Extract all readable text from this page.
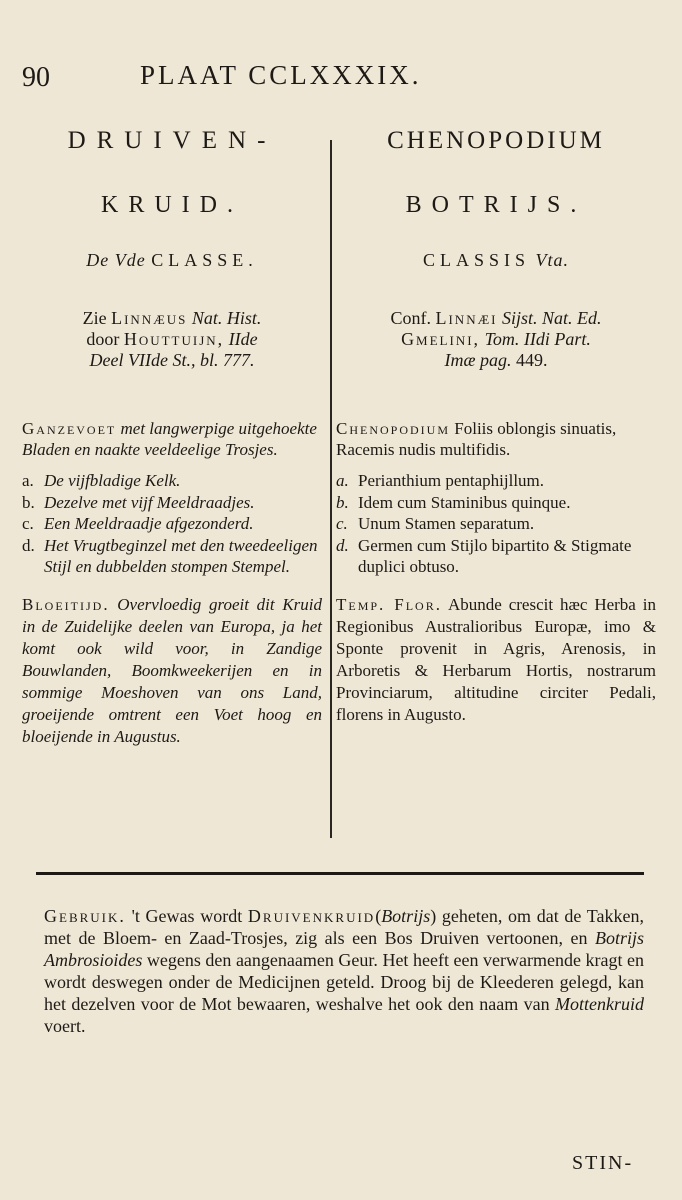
90	PLAAT CCLXXXIX.
DRUIVEN-
KRUID.
De Vde CLASSE.
Zie Linnæus Nat. Hist.
door Houttuijn, IIde
Deel VIIde St., bl. 777.
Ganzevoet met langwerpige uitgehoekte Bladen en naakte veeldeelige Trosjes.
a. De vijfbladige Kelk.
b. Dezelve met vijf Meeldraadjes.
c. Een Meeldraadje afgezonderd.
d. Het Vrugtbeginzel met den tweedeeligen Stijl en dubbelden stompen Stempel.
Bloeitijd. Overvloedig groeit dit Kruid in de Zuidelijke deelen van Europa, ja het komt ook wild voor, in Zandige Bouwlanden, Boomkweekerijen en in sommige Moeshoven van ons Land, groeijende omtrent een Voet hoog en bloeijende in Augustus.
CHENOPODIUM
BOTRIJS.
CLASSIS Vta.
Conf. Linnæi Sijst. Nat. Ed.
Gmelini, Tom. IIdi Part.
Imæ pag. 449.
Chenopodium Foliis oblongis sinuatis, Racemis nudis multifidis.
a. Perianthium pentaphijllum.
b. Idem cum Staminibus quinque.
c. Unum Stamen separatum.
d. Germen cum Stijlo bipartito & Stigmate duplici obtuso.
Temp. Flor. Abunde crescit hæc Herba in Regionibus Australioribus Europæ, imo & Sponte provenit in Agris, Arenosis, in Arboretis & Herbarum Hortis, nostrarum Provinciarum, altitudine circiter Pedali, florens in Augusto.
Gebruik. 't Gewas wordt Druivenkruid(Botrijs) geheten, om dat de Takken, met de Bloem- en Zaad-Trosjes, zig als een Bos Druiven vertoonen, en Botrijs Ambrosioides wegens den aangenaamen Geur. Het heeft een verwarmende kragt en wordt deswegen onder de Medicijnen geteld. Droog bij de Kleederen gelegd, kan het dezelven voor de Mot bewaaren, weshalve het ook den naam van Mottenkruid voert.
STIN-
